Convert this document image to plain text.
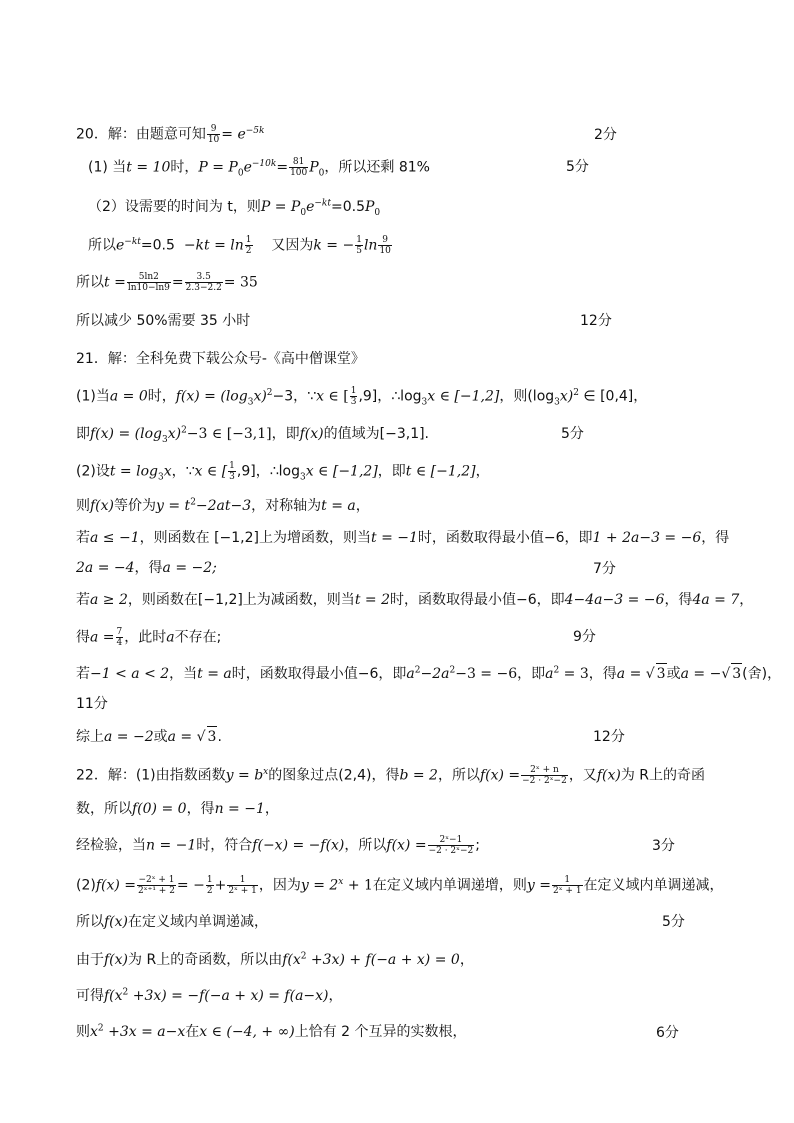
20．解：由题意可知 $\frac{9}{10} = e^{-5k}$	2分
(1) 当t = 10时，$P = P_0e^{-10k}= \frac{81}{100} P_0$，所以还剩 81%	5分
（2）设需要的时间为 t，则$P = P_0e^{-kt}=0.5P_0$
所以$e^{-kt}=0.5 -kt = \ln \frac{1}{2}$ 又因为k = − $\frac{1}{5}$ $\ln \frac{9}{10}$
所以$t = \frac{5\ln 2}{\ln 10-\ln 9} = \frac{3.5}{2.3-2.2} = 35$
所以减少 50%需要 35 小时	12分
21．解：全科免费下载公众号-《高中僧课堂》
(1)当a = 0时，$f(x) = (\log_3x)^2-3$，∵x ∈ [ $\frac{1}{3} ,9$]，$\therefore\log_3x$ ∈ [−1,2]，则$(\log_3x)^2$ ∈ [0,4]，
即$f(x) = (\log_3x)^2-3$ ∈ [−3,1]，即f(x)的值域为[−3,1].	5分
(2)设$t = \log_3x$，∵x ∈ [ $\frac{1}{3} ,9$]，$\therefore\log_3x$ ∈ [−1,2]，即t ∈ [−1,2]，
则f(x)等价为$y = t^2-2at-3$，对称轴为t = a，
若a ≤ −1，则函数在 [−1,2]上为增函数，则当t = −1时，函数取得最小值−6，即1 + 2a−3 = −6，得
2a = −4，得a = −2;	7分
若a ≥ 2，则函数在[−1,2]上为减函数，则当t = 2时，函数取得最小值−6，即4−4a−3 = −6，得4a = 7，
得$a = \frac{7}{4}$ ，此时a不存在;	9分
若−1 < a < 2，当t = a时，函数取得最小值−6，即$a^2-2a^2-3 = -6$，即$a^2 = 3$，得a = √ 3或a = −√ 3(舍)，
11分
综上a = −2或a = √ 3.	12分
22．解：(1)由指数函数$y = b^x$的图象过点(2,4)，得b = 2，所以$f(x) = \frac{\text{2ˣ + n}}{\text{−2 · 2ˣ−2}}$ ，又f(x)为 R上的奇函
数，所以f(0) = 0，得n = −1，
经检验，当n = −1时，符合f(−x) = −f(x)，所以$f(x) = \frac{\text{2ˣ−1}}{\text{−2 · 2ˣ−2}}$ ;	3分
$(2)f(x) = \frac{\text{−2ˣ + 1}}{\text{2ˣ⁺¹ + 2}}$ = − $\frac{1}{2} + \frac{1}{\text{2ˣ + 1}}$ ，因为$y = 2^x + 1$在定义域内单调递增，则$y = \frac{1}{\text{2ˣ + 1}}$ 在定义域内单调递减，
所以f(x)在定义域内单调递减，	5分
由于f(x)为 R上的奇函数，所以由$f(x^2 +3x) + f(-a + x) = 0$，
可得$f(x^2 +3x) = -f(-a + x) = f(a-x)$，
则$x^2 +3x = a-x$在x ∈ (−4, + ∞)上恰有 2 个互异的实数根，	6分
